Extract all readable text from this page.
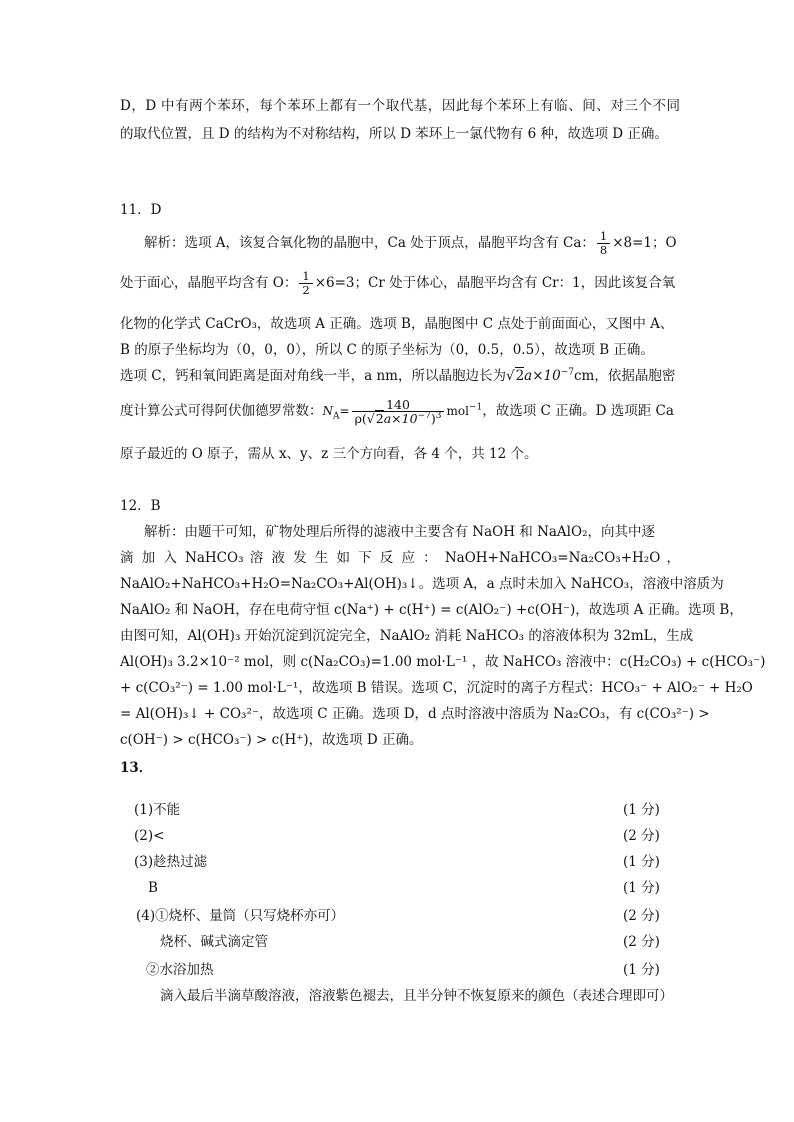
D，D 中有两个苯环，每个苯环上都有一个取代基，因此每个苯环上有临、间、对三个不同
的取代位置，且 D 的结构为不对称结构，所以 D 苯环上一氯代物有 6 种，故选项 D 正确。
11．D
解析：选项 A，该复合氧化物的晶胞中，Ca 处于顶点，晶胞平均含有 Ca： $\frac{1}{8} \times 8=1$；O
处于面心，晶胞平均含有 O： $\frac{1}{2} \times 6=3$；Cr 处于体心，晶胞平均含有 Cr：1，因此该复合氧
化物的化学式 CaCrO₃，故选项 A 正确。选项 B，晶胞图中 C 点处于前面面心，又图中 A、
B 的原子坐标均为（0，0，0），所以 C 的原子坐标为（0，0.5，0.5），故选项 B 正确。
选项 C，钙和氧间距离是面对角线一半，a nm，所以晶胞边长为$√2a\times 10^{-7}cm$，依据晶胞密
度计算公式可得阿伏伽德罗常数：$N_A= \frac{140}{\rho(√2a\times 10^{-7})^3} mol^{-1}$，故选项 C 正确。D 选项距 Ca
原子最近的 O 原子，需从 x、y、z 三个方向看，各 4 个，共 12 个。
12．B
解析：由题干可知，矿物处理后所得的滤液中主要含有 NaOH 和 NaAlO₂，向其中逐
滴 加 入 NaHCO₃ 溶 液 发 生 如 下 反 应 ： NaOH+NaHCO₃=Na₂CO₃+H₂O ，
NaAlO₂+NaHCO₃+H₂O=Na₂CO₃+Al(OH)₃↓。选项 A，a 点时未加入 NaHCO₃，溶液中溶质为
NaAlO₂ 和 NaOH，存在电荷守恒 c(Na⁺) + c(H⁺) = c(AlO₂⁻) +c(OH⁻)，故选项 A 正确。选项 B，
由图可知，Al(OH)₃ 开始沉淀到沉淀完全，NaAlO₂ 消耗 NaHCO₃ 的溶液体积为 32mL，生成
Al(OH)₃ 3.2×10⁻² mol，则 c(Na₂CO₃)=1.00 mol·L⁻¹ ，故 NaHCO₃ 溶液中：c(H₂CO₃) + c(HCO₃⁻)
+ c(CO₃²⁻) = 1.00 mol·L⁻¹，故选项 B 错误。选项 C，沉淀时的离子方程式：HCO₃⁻ + AlO₂⁻ + H₂O
= Al(OH)₃↓ + CO₃²⁻，故选项 C 正确。选项 D，d 点时溶液中溶质为 Na₂CO₃，有 c(CO₃²⁻) >
c(OH⁻) > c(HCO₃⁻) > c(H⁺)，故选项 D 正确。
13．
(1)不能	(1 分)
(2)<	(2 分)
(3)趁热过滤	(1 分)
B	(1 分)
(4)①烧杯、量筒（只写烧杯亦可）	(2 分)
烧杯、碱式滴定管	(2 分)
②水浴加热	(1 分)
滴入最后半滴草酸溶液，溶液紫色褪去，且半分钟不恢复原来的颜色（表述合理即可）
